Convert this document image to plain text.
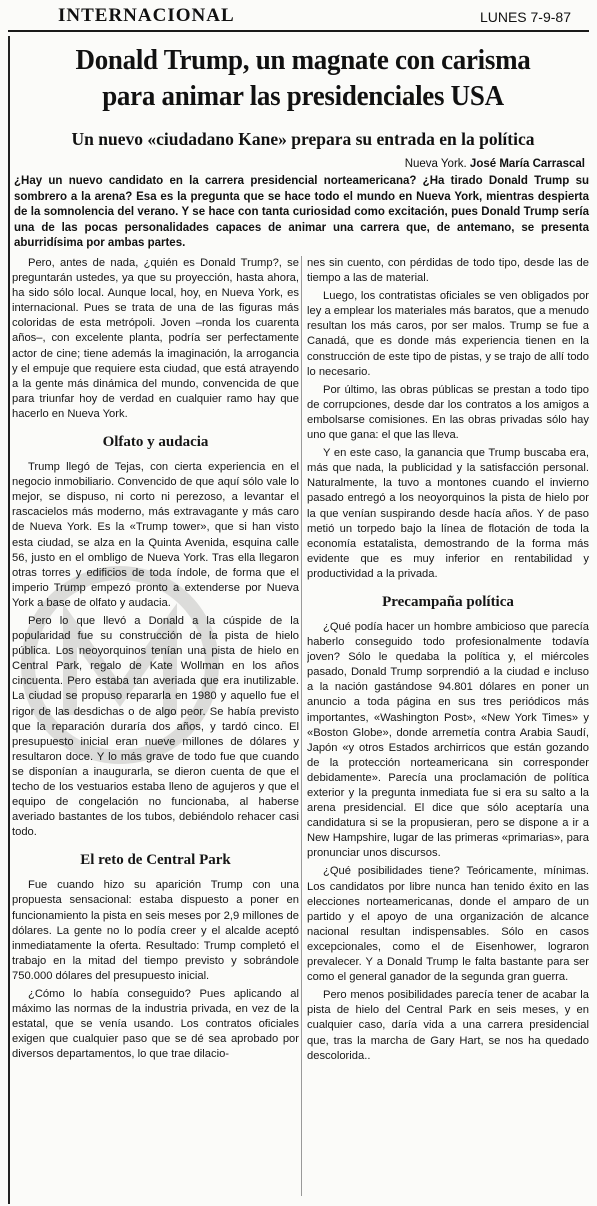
INTERNACIONAL	LUNES 7-9-87
Donald Trump, un magnate con carisma
para animar las presidenciales USA
Un nuevo «ciudadano Kane» prepara su entrada en la política
Nueva York. José María Carrascal
¿Hay un nuevo candidato en la carrera presidencial norteamericana? ¿Ha tirado Donald Trump su sombrero a la arena? Esa es la pregunta que se hace todo el mundo en Nueva York, mientras despierta de la somnolencia del verano. Y se hace con tanta curiosidad como excitación, pues Donald Trump sería una de las pocas personalidades capaces de animar una carrera que, de antemano, se presenta aburridísima por ambas partes.

Pero, antes de nada, ¿quién es Donald Trump?, se preguntarán ustedes, ya que su proyección, hasta ahora, ha sido sólo local. Aunque local, hoy, en Nueva York, es internacional. Pues se trata de una de las figuras más coloridas de esta metrópoli. Joven –ronda los cuarenta años–, con excelente planta, podría ser perfectamente actor de cine; tiene además la imaginación, la arrogancia y el empuje que requiere esta ciudad, que está atrayendo a la gente más dinámica del mundo, convencida de que para triunfar hoy de verdad en cualquier ramo hay que hacerlo en Nueva York.

Olfato y audacia

Trump llegó de Tejas, con cierta experiencia en el negocio inmobiliario. Convencido de que aquí sólo vale lo mejor, se dispuso, ni corto ni perezoso, a levantar el rascacielos más moderno, más extravagante y más caro de Nueva York. Es la «Trump tower», que si han visto esta ciudad, se alza en la Quinta Avenida, esquina calle 56, justo en el ombligo de Nueva York. Tras ella llegaron otras torres y edificios de toda índole, de forma que el imperio Trump empezó pronto a extenderse por Nueva York a base de olfato y audacia.

Pero lo que llevó a Donald a la cúspide de la popularidad fue su construcción de la pista de hielo pública. Los neoyorquinos tenían una pista de hielo en Central Park, regalo de Kate Wollman en los años cincuenta. Pero estaba tan averiada que era inutilizable. La ciudad se propuso repararla en 1980 y aquello fue el rigor de las desdichas o de algo peor. Se había previsto que la reparación duraría dos años, y tardó cinco. El presupuesto inicial eran nueve millones de dólares y resultaron doce. Y lo más grave de todo fue que cuando se disponían a inaugurarla, se dieron cuenta de que el techo de los vestuarios estaba lleno de agujeros y que el equipo de congelación no funcionaba, al haberse averiado bastantes de los tubos, debiéndolo rehacer casi todo.

El reto de Central Park

Fue cuando hizo su aparición Trump con una propuesta sensacional: estaba dispuesto a poner en funcionamiento la pista en seis meses por 2,9 millones de dólares. La gente no lo podía creer y el alcalde aceptó inmediatamente la oferta. Resultado: Trump completó el trabajo en la mitad del tiempo previsto y sobrándole 750.000 dólares del presupuesto inicial.

¿Cómo lo había conseguido? Pues aplicando al máximo las normas de la industria privada, en vez de la estatal, que se venía usando. Los contratos oficiales exigen que cualquier paso que se dé sea aprobado por diversos departamentos, lo que trae dilacio-

nes sin cuento, con pérdidas de todo tipo, desde las de tiempo a las de material.

Luego, los contratistas oficiales se ven obligados por ley a emplear los materiales más baratos, que a menudo resultan los más caros, por ser malos. Trump se fue a Canadá, que es donde más experiencia tienen en la construcción de este tipo de pistas, y se trajo de allí todo lo necesario.

Por último, las obras públicas se prestan a todo tipo de corrupciones, desde dar los contratos a los amigos a embolsarse comisiones. En las obras privadas sólo hay uno que gana: el que las lleva.

Y en este caso, la ganancia que Trump buscaba era, más que nada, la publicidad y la satisfacción personal. Naturalmente, la tuvo a montones cuando el invierno pasado entregó a los neoyorquinos la pista de hielo por la que venían suspirando desde hacía años. Y de paso metió un torpedo bajo la línea de flotación de toda la economía estatalista, demostrando de la forma más evidente que es muy inferior en rentabilidad y productividad a la privada.

Precampaña política

¿Qué podía hacer un hombre ambicioso que parecía haberlo conseguido todo profesionalmente todavía joven? Sólo le quedaba la política y, el miércoles pasado, Donald Trump sorprendió a la ciudad e incluso a la nación gastándose 94.801 dólares en poner un anuncio a toda página en sus tres periódicos más importantes, «Washington Post», «New York Times» y «Boston Globe», donde arremetía contra Arabia Saudí, Japón «y otros Estados archirricos que están gozando de la protección norteamericana sin corresponder debidamente». Parecía una proclamación de política exterior y la pregunta inmediata fue si era su salto a la arena presidencial. El dice que sólo aceptaría una candidatura si se la propusieran, pero se dispone a ir a New Hampshire, lugar de las primeras «primarias», para pronunciar unos discursos.

¿Qué posibilidades tiene? Teóricamente, mínimas. Los candidatos por libre nunca han tenido éxito en las elecciones norteamericanas, donde el amparo de un partido y el apoyo de una organización de alcance nacional resultan indispensables. Sólo en casos excepcionales, como el de Eisenhower, lograron prevalecer. Y a Donald Trump le falta bastante para ser como el general ganador de la segunda gran guerra.

Pero menos posibilidades parecía tener de acabar la pista de hielo del Central Park en seis meses, y en cualquier caso, daría vida a una carrera presidencial que, tras la marcha de Gary Hart, se nos ha quedado descolorida..
